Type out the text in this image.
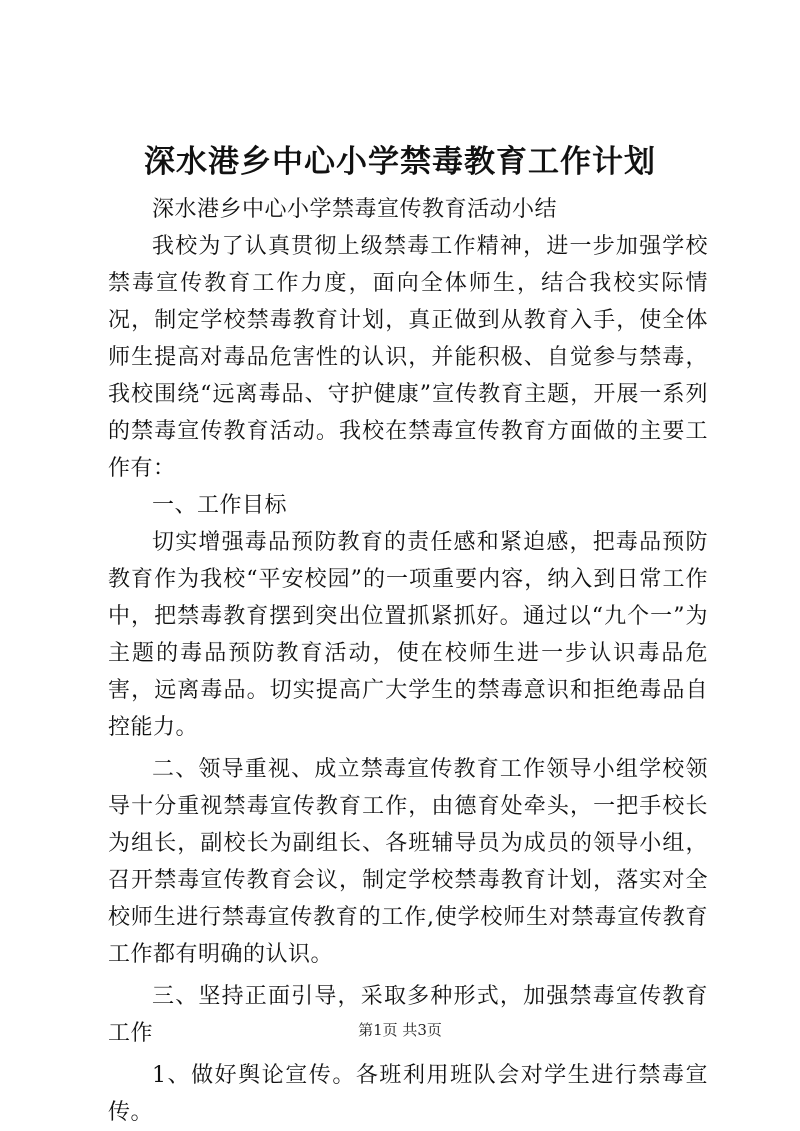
深水港乡中心小学禁毒教育工作计划

深水港乡中心小学禁毒宣传教育活动小结

我校为了认真贯彻上级禁毒工作精神，进一步加强学校禁毒宣传教育工作力度，面向全体师生，结合我校实际情况，制定学校禁毒教育计划，真正做到从教育入手，使全体师生提高对毒品危害性的认识，并能积极、自觉参与禁毒，我校围绕“远离毒品、守护健康”宣传教育主题，开展一系列的禁毒宣传教育活动。我校在禁毒宣传教育方面做的主要工作有：

一、工作目标

切实增强毒品预防教育的责任感和紧迫感，把毒品预防教育作为我校“平安校园”的一项重要内容，纳入到日常工作中，把禁毒教育摆到突出位置抓紧抓好。通过以“九个一”为主题的毒品预防教育活动，使在校师生进一步认识毒品危害，远离毒品。切实提高广大学生的禁毒意识和拒绝毒品自控能力。

二、领导重视、成立禁毒宣传教育工作领导小组学校领导十分重视禁毒宣传教育工作，由德育处牵头，一把手校长为组长，副校长为副组长、各班辅导员为成员的领导小组，召开禁毒宣传教育会议，制定学校禁毒教育计划，落实对全校师生进行禁毒宣传教育的工作,使学校师生对禁毒宣传教育工作都有明确的认识。

三、坚持正面引导，采取多种形式，加强禁毒宣传教育工作

1、做好舆论宣传。各班利用班队会对学生进行禁毒宣传。

第1页 共3页
